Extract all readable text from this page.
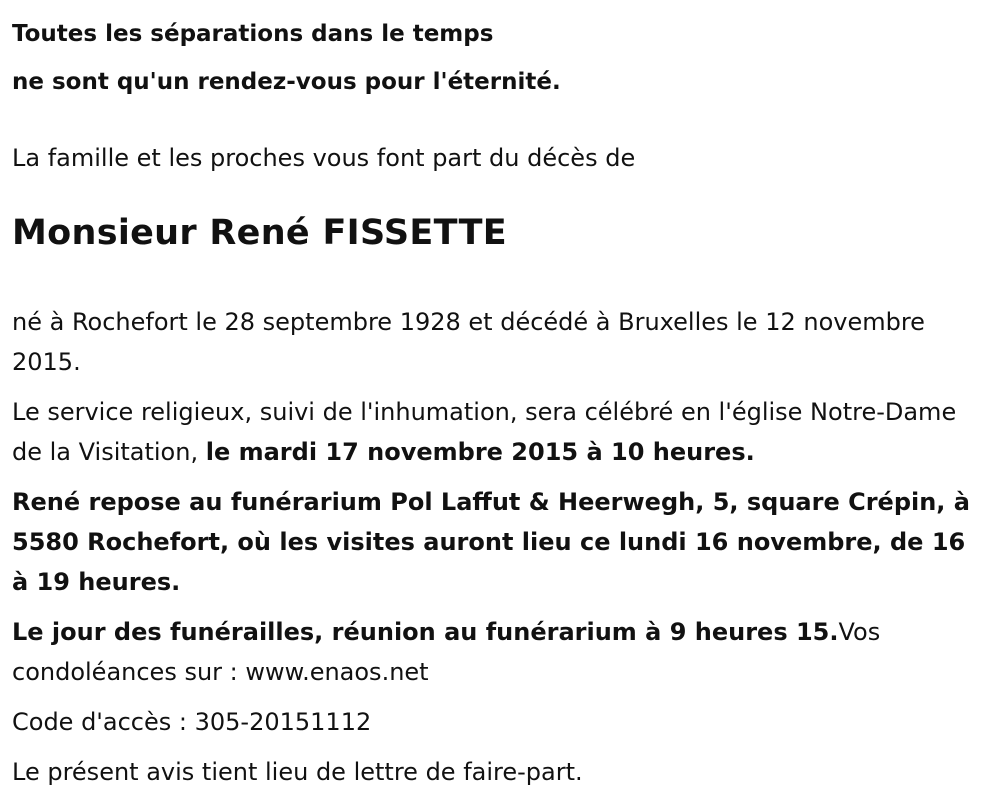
Toutes les séparations dans le temps

ne sont qu'un rendez-vous pour l'éternité.

La famille et les proches vous font part du décès de

Monsieur René FISSETTE

né à Rochefort le 28 septembre 1928 et décédé à Bruxelles le 12 novembre 2015.

Le service religieux, suivi de l'inhumation, sera célébré en l'église Notre-Dame de la Visitation, le mardi 17 novembre 2015 à 10 heures.

René repose au funérarium Pol Laffut & Heerwegh, 5, square Crépin, à 5580 Rochefort, où les visites auront lieu ce lundi 16 novembre, de 16 à 19 heures.

Le jour des funérailles, réunion au funérarium à 9 heures 15.Vos condoléances sur : www.enaos.net

Code d'accès : 305-20151112

Le présent avis tient lieu de lettre de faire-part.
